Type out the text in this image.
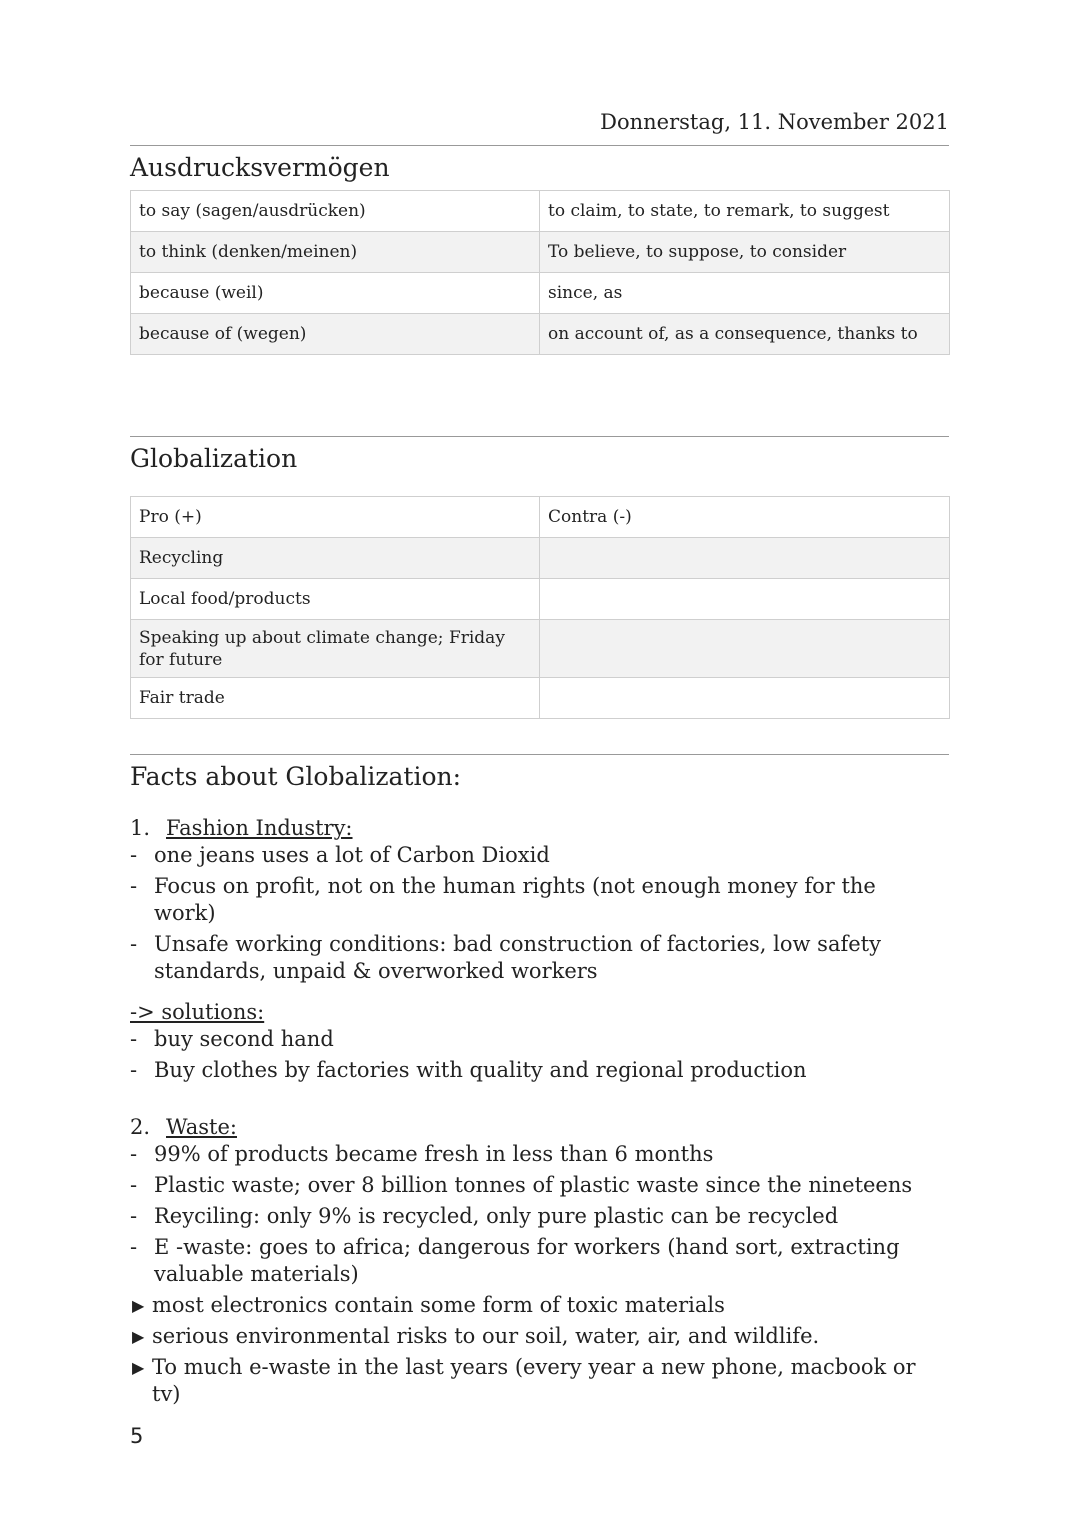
Donnerstag, 11. November 2021
Ausdrucksvermögen
to say (sagen/ausdrücken)	to claim, to state, to remark, to suggest
to think (denken/meinen)	To believe, to suppose, to consider
because (weil)	since, as
because of (wegen)	on account of, as a consequence, thanks to
Globalization
Pro (+)	Contra (-)
Recycling	
Local food/products	
Speaking up about climate change; Friday for future	
Fair trade	
Facts about Globalization:
1. Fashion Industry:
- one jeans uses a lot of Carbon Dioxid
- Focus on profit, not on the human rights (not enough money for the work)
- Unsafe working conditions: bad construction of factories, low safety standards, unpaid & overworked workers
-> solutions:
- buy second hand
- Buy clothes by factories with quality and regional production
2. Waste:
- 99% of products became fresh in less than 6 months
- Plastic waste; over 8 billion tonnes of plastic waste since the nineteens
- Reyciling: only 9% is recycled, only pure plastic can be recycled
- E -waste: goes to africa; dangerous for workers (hand sort, extracting valuable materials)
▶ most electronics contain some form of toxic materials
▶ serious environmental risks to our soil, water, air, and wildlife.
▶ To much e-waste in the last years (every year a new phone, macbook or tv)
5
